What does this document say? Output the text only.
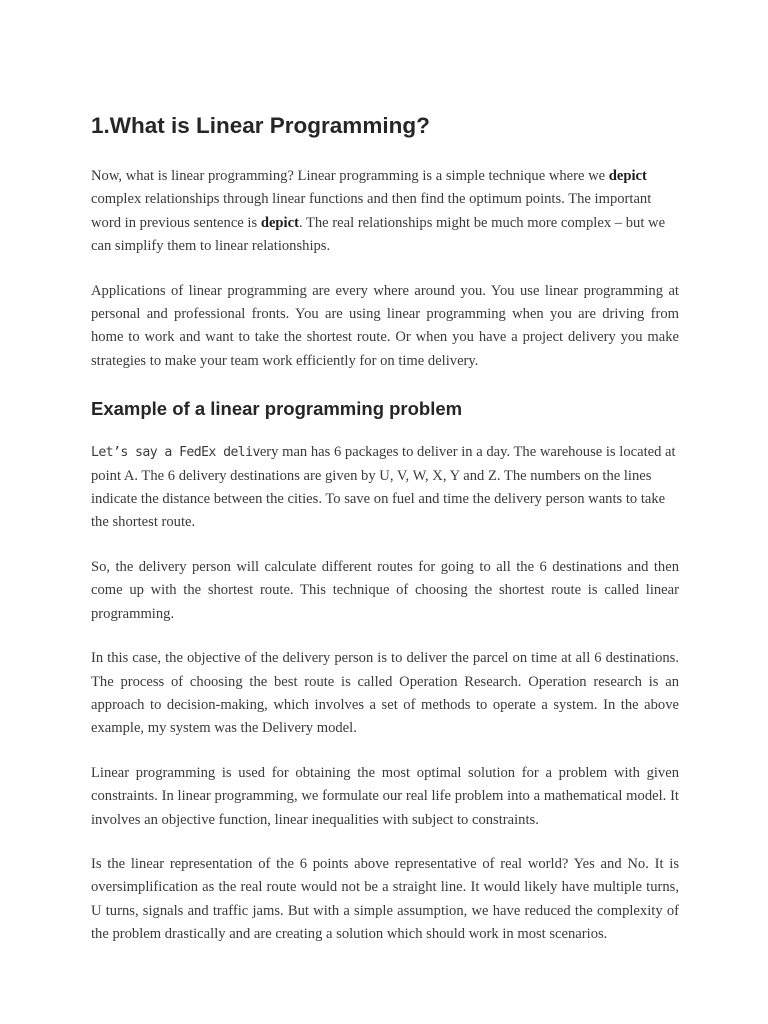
1.What is Linear Programming?

Now, what is linear programming? Linear programming is a simple technique where we depict complex relationships through linear functions and then find the optimum points. The important word in previous sentence is depict. The real relationships might be much more complex – but we can simplify them to linear relationships.

Applications of linear programming are every where around you. You use linear programming at personal and professional fronts. You are using linear programming when you are driving from home to work and want to take the shortest route. Or when you have a project delivery you make strategies to make your team work efficiently for on time delivery.

Example of a linear programming problem

Let’s say a FedEx delivery man has 6 packages to deliver in a day. The warehouse is located at point A. The 6 delivery destinations are given by U, V, W, X, Y and Z. The numbers on the lines indicate the distance between the cities. To save on fuel and time the delivery person wants to take the shortest route.

So, the delivery person will calculate different routes for going to all the 6 destinations and then come up with the shortest route. This technique of choosing the shortest route is called linear programming.

In this case, the objective of the delivery person is to deliver the parcel on time at all 6 destinations. The process of choosing the best route is called Operation Research. Operation research is an approach to decision-making, which involves a set of methods to operate a system. In the above example, my system was the Delivery model.

Linear programming is used for obtaining the most optimal solution for a problem with given constraints. In linear programming, we formulate our real life problem into a mathematical model. It involves an objective function, linear inequalities with subject to constraints.

Is the linear representation of the 6 points above representative of real world? Yes and No. It is oversimplification as the real route would not be a straight line. It would likely have multiple turns, U turns, signals and traffic jams. But with a simple assumption, we have reduced the complexity of the problem drastically and are creating a solution which should work in most scenarios.
